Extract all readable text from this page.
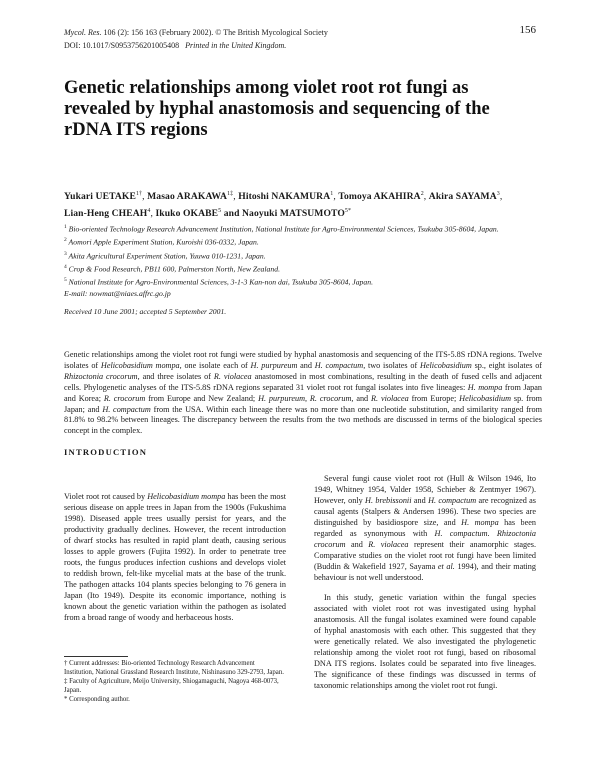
Mycol. Res. 106 (2): 156 163 (February 2002). © The British Mycological Society
DOI: 10.1017/S0953756201005408 Printed in the United Kingdom.
156
Genetic relationships among violet root rot fungi as revealed by hyphal anastomosis and sequencing of the rDNA ITS regions
Yukari $UETAKE^{1\dagger}$, Masao $ARAKAWA^{1\ddagger}$, Hitoshi NAKAMURA$^1$, Tomoya AKAHIRA$^2$, Akira SAYAMA$^3$,
Lian-Heng CHEAH$^4$, Ikuko OKABE$^5$ and Naoyuki $MATSUMOTO^{5*}$
$^1$ Bio-oriented Technology Research Advancement Institution, National Institute for Agro-Environmental Sciences, Tsukuba 305-8604, Japan.
$^2$ Aomori Apple Experiment Station, Kuroishi 036-0332, Japan.
$^3$ Akita Agricultural Experiment Station, Yuuwa 010-1231, Japan.
$^4$ Crop & Food Research, PB11 600, Palmerston North, New Zealand.
$^5$ National Institute for Agro-Environmental Sciences, 3-1-3 Kan-non dai, Tsukuba 305-8604, Japan.
E-mail: nowmat@niaes.affrc.go.jp
Received 10 June 2001; accepted 5 September 2001.
Genetic relationships among the violet root rot fungi were studied by hyphal anastomosis and sequencing of the ITS-5.8S rDNA regions. Twelve isolates of Helicobasidium mompa, one isolate each of H. purpureum and H. compactum, two isolates of Helicobasidium sp., eight isolates of Rhizoctonia crocorum, and three isolates of R. violacea anastomosed in most combinations, resulting in the death of fused cells and adjacent cells. Phylogenetic analyses of the ITS-5.8S rDNA regions separated 31 violet root rot fungal isolates into five lineages: H. mompa from Japan and Korea; R. crocorum from Europe and New Zealand; H. purpureum, R. crocorum, and R. violacea from Europe; Helicobasidium sp. from Japan; and H. compactum from the USA. Within each lineage there was no more than one nucleotide substitution, and similarity ranged from 81.8% to 98.2% between lineages. The discrepancy between the results from the two methods are discussed in terms of the biological species concept in the complex.
INTRODUCTION

Violet root rot caused by Helicobasidium mompa has been the most serious disease on apple trees in Japan from the 1900s (Fukushima 1998). Diseased apple trees usually persist for years, and the productivity gradually declines. However, the recent introduction of dwarf stocks has resulted in rapid plant death, causing serious losses to apple growers (Fujita 1992). In order to penetrate tree roots, the fungus produces infection cushions and develops violet to reddish brown, felt-like mycelial mats at the base of the trunk. The pathogen attacks 104 plants species belonging to 76 genera in Japan (Ito 1949). Despite its economic importance, nothing is known about the genetic variation within the pathogen as isolated from a broad range of woody and herbaceous hosts.

Several fungi cause violet root rot (Hull & Wilson 1946, Ito 1949, Whitney 1954, Valder 1958, Schieber & Zentmyer 1967). However, only H. brebissonii and H. compactum are recognized as causal agents (Stalpers & Andersen 1996). These two species are distinguished by basidiospore size, and H. mompa has been regarded as synonymous with H. compactum. Rhizoctonia crocorum and R. violacea represent their anamorphic stages. Comparative studies on the violet root rot fungi have been limited (Buddin & Wakefield 1927, Sayama et al. 1994), and their mating behaviour is not well understood.

In this study, genetic variation within the fungal species associated with violet root rot was investigated using hyphal anastomosis. All the fungal isolates examined were found capable of hyphal anastomosis with each other. This suggested that they were genetically related. We also investigated the phylogenetic relationship among the violet root rot fungi, based on ribosomal DNA ITS regions. Isolates could be separated into five lineages. The significance of these findings was discussed in terms of taxonomic relationships among the violet root rot fungi.

† Current addresses: Bio-oriented Technology Research Advancement Institution, National Grassland Research Institute, Nishinasuno 329-2793, Japan.

‡ Faculty of Agriculture, Meijo University, Shiogamaguchi, Nagoya 468-0073, Japan.

* Corresponding author.
